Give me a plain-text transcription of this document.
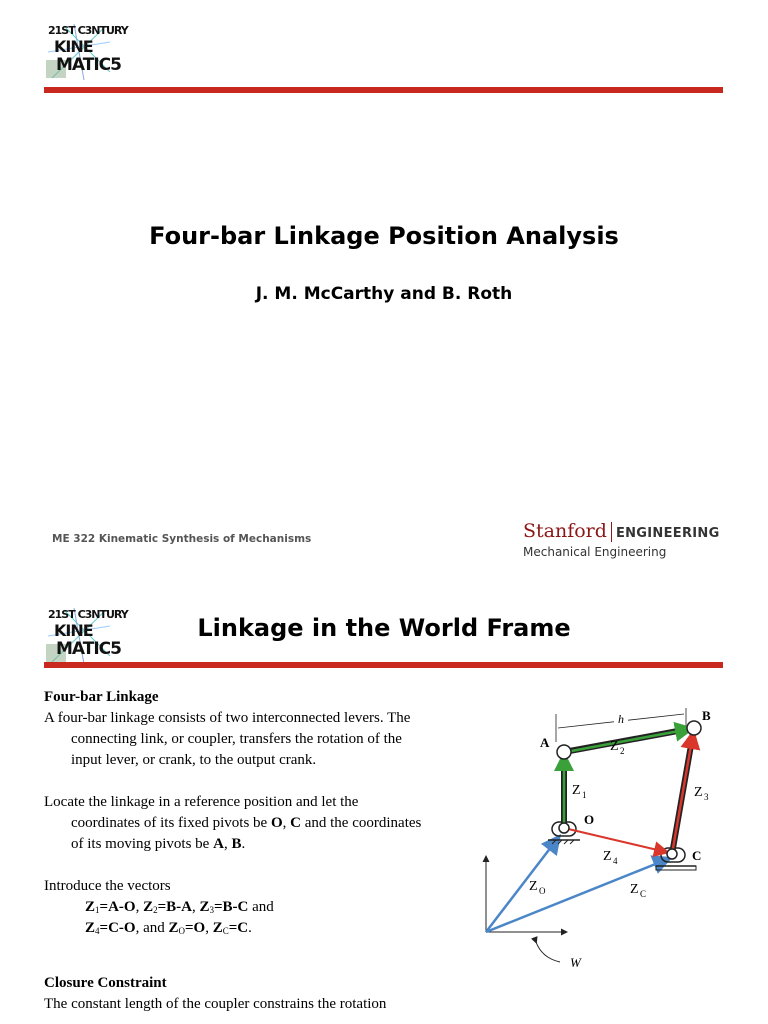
21ST C3NTURY
KINE
MATIC5
Four-bar Linkage Position Analysis
J. M. McCarthy and B. Roth
ME 322 Kinematic Synthesis of Mechanisms	Stanford ENGINEERING
Mechanical Engineering
21ST C3NTURY
KINE
MATIC5
Linkage in the World Frame

Four-bar Linkage

A four-bar linkage consists of two interconnected levers. The
connecting link, or coupler, transfers the rotation of the
input lever, or crank, to the output crank.

Locate the linkage in a reference position and let the
coordinates of its fixed pivots be O, C and the coordinates
of its moving pivots be A, B.

Introduce the vectors
$Z_1=A-O$, $Z_2=B-A$, $Z_3=B-C$ and
$Z_4=C-O$, and $Z_O=O$, $Z_C=C$.

Closure Constraint

The constant length of the coupler constrains the rotation

W
h
A
B
O
C
Z 1
Z 2
Z 3
Z 4
Z O	Z C
